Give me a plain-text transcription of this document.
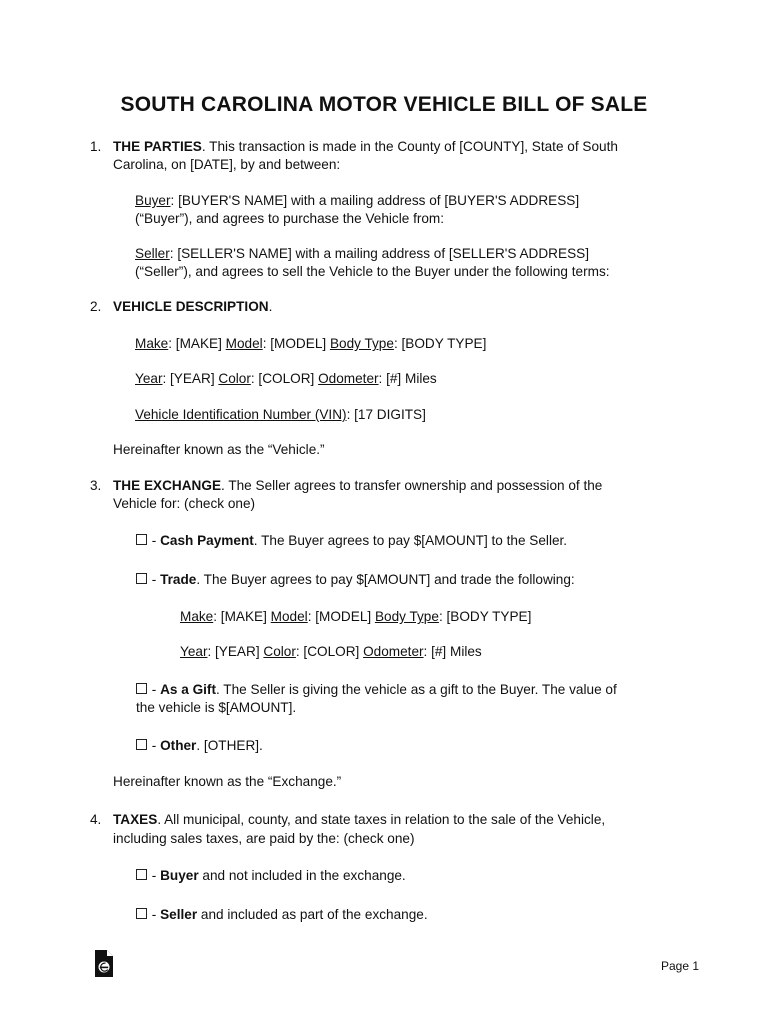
SOUTH CAROLINA MOTOR VEHICLE BILL OF SALE
1. THE PARTIES. This transaction is made in the County of [COUNTY], State of South
Carolina, on [DATE], by and between:
Buyer: [BUYER'S NAME] with a mailing address of [BUYER'S ADDRESS]
(“Buyer”), and agrees to purchase the Vehicle from:
Seller: [SELLER'S NAME] with a mailing address of [SELLER'S ADDRESS]
(“Seller”), and agrees to sell the Vehicle to the Buyer under the following terms:
2. VEHICLE DESCRIPTION.
Make: [MAKE] Model: [MODEL] Body Type: [BODY TYPE]
Year: [YEAR] Color: [COLOR] Odometer: [#] Miles
Vehicle Identification Number (VIN): [17 DIGITS]
Hereinafter known as the “Vehicle.”
3. THE EXCHANGE. The Seller agrees to transfer ownership and possession of the
Vehicle for: (check one)
- Cash Payment. The Buyer agrees to pay $[AMOUNT] to the Seller.
- Trade. The Buyer agrees to pay $[AMOUNT] and trade the following:
Make: [MAKE] Model: [MODEL] Body Type: [BODY TYPE]
Year: [YEAR] Color: [COLOR] Odometer: [#] Miles
- As a Gift. The Seller is giving the vehicle as a gift to the Buyer. The value of
the vehicle is $[AMOUNT].
- Other. [OTHER].
Hereinafter known as the “Exchange.”
4. TAXES. All municipal, county, and state taxes in relation to the sale of the Vehicle,
including sales taxes, are paid by the: (check one)
- Buyer and not included in the exchange.
- Seller and included as part of the exchange.
Page 1
